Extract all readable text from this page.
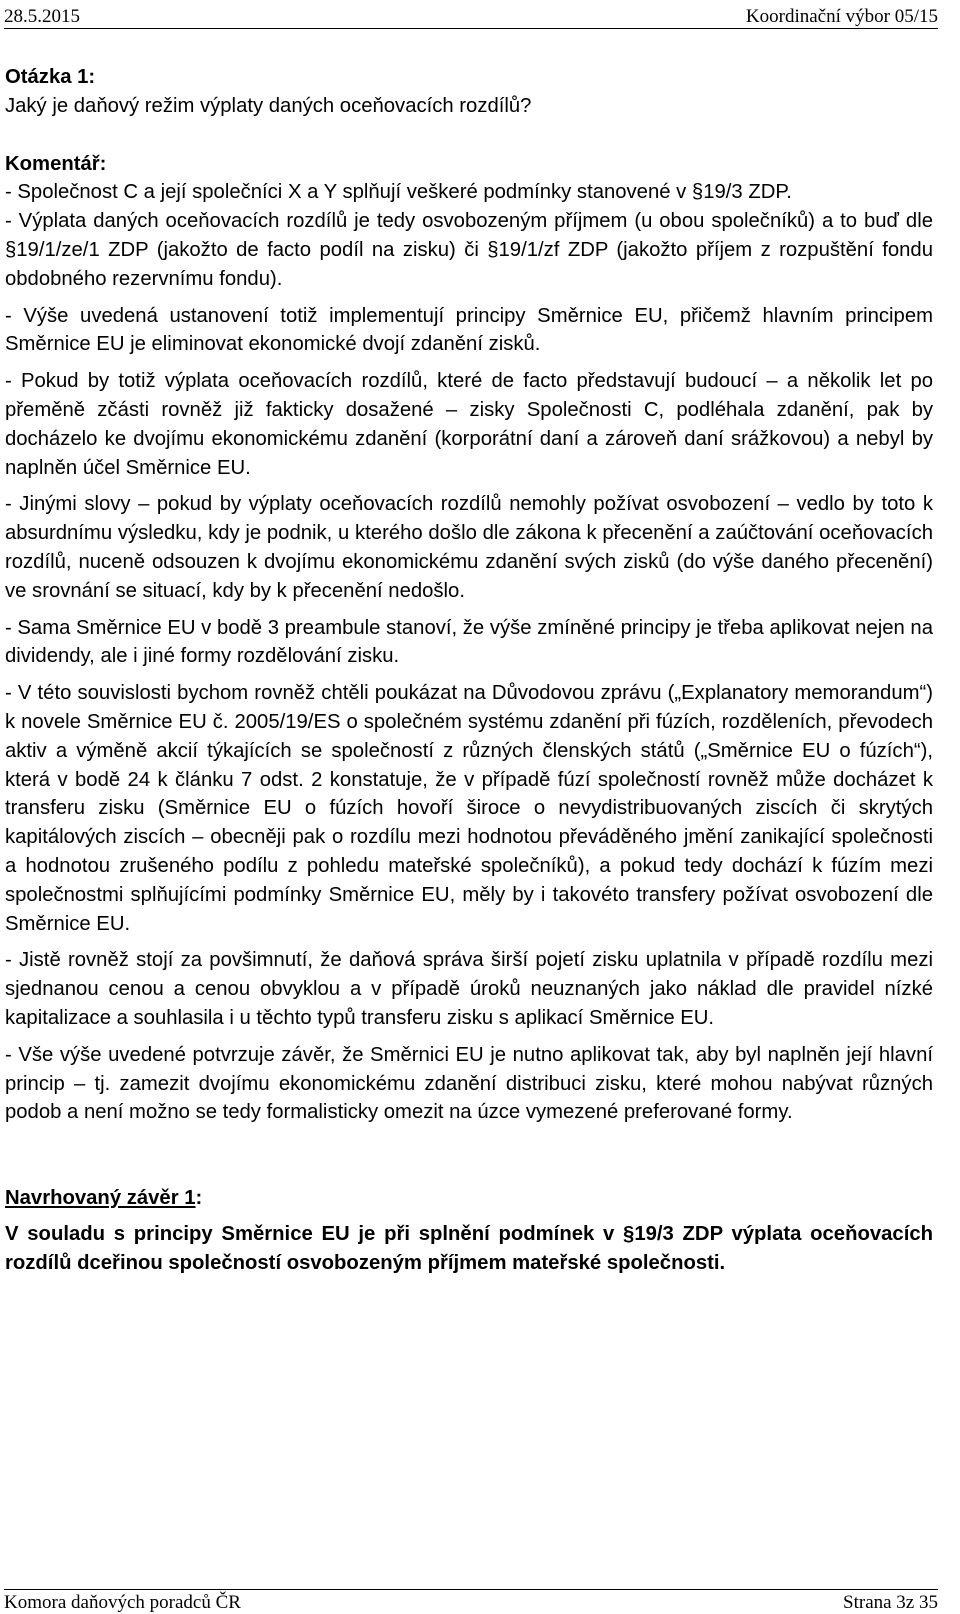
28.5.2015	Koordinační výbor 05/15

Otázka 1:

Jaký je daňový režim výplaty daných oceňovacích rozdílů?

Komentář:

- Společnost C a její společníci X a Y splňují veškeré podmínky stanovené v §19/3 ZDP.

- Výplata daných oceňovacích rozdílů je tedy osvobozeným příjmem (u obou společníků) a to buď dle §19/1/ze/1 ZDP (jakožto de facto podíl na zisku) či §19/1/zf ZDP (jakožto příjem z rozpuštění fondu obdobného rezervnímu fondu).

- Výše uvedená ustanovení totiž implementují principy Směrnice EU, přičemž hlavním principem Směrnice EU je eliminovat ekonomické dvojí zdanění zisků.

- Pokud by totiž výplata oceňovacích rozdílů, které de facto představují budoucí – a několik let po přeměně zčásti rovněž již fakticky dosažené – zisky Společnosti C, podléhala zdanění, pak by docházelo ke dvojímu ekonomickému zdanění (korporátní daní a zároveň daní srážkovou) a nebyl by naplněn účel Směrnice EU.

- Jinými slovy – pokud by výplaty oceňovacích rozdílů nemohly požívat osvobození – vedlo by toto k absurdnímu výsledku, kdy je podnik, u kterého došlo dle zákona k přecenění a zaúčtování oceňovacích rozdílů, nuceně odsouzen k dvojímu ekonomickému zdanění svých zisků (do výše daného přecenění) ve srovnání se situací, kdy by k přecenění nedošlo.

- Sama Směrnice EU v bodě 3 preambule stanoví, že výše zmíněné principy je třeba aplikovat nejen na dividendy, ale i jiné formy rozdělování zisku.

- V této souvislosti bychom rovněž chtěli poukázat na Důvodovou zprávu („Explanatory memorandum“) k novele Směrnice EU č. 2005/19/ES o společném systému zdanění při fúzích, rozděleních, převodech aktiv a výměně akcií týkajících se společností z různých členských států („Směrnice EU o fúzích“), která v bodě 24 k článku 7 odst. 2 konstatuje, že v případě fúzí společností rovněž může docházet k transferu zisku (Směrnice EU o fúzích hovoří široce o nevydistribuovaných ziscích či skrytých kapitálových ziscích – obecněji pak o rozdílu mezi hodnotou převáděného jmění zanikající společnosti a hodnotou zrušeného podílu z pohledu mateřské společníků), a pokud tedy dochází k fúzím mezi společnostmi splňujícími podmínky Směrnice EU, měly by i takovéto transfery požívat osvobození dle Směrnice EU.

- Jistě rovněž stojí za povšimnutí, že daňová správa širší pojetí zisku uplatnila v případě rozdílu mezi sjednanou cenou a cenou obvyklou a v případě úroků neuznaných jako náklad dle pravidel nízké kapitalizace a souhlasila i u těchto typů transferu zisku s aplikací Směrnice EU.

- Vše výše uvedené potvrzuje závěr, že Směrnici EU je nutno aplikovat tak, aby byl naplněn její hlavní princip – tj. zamezit dvojímu ekonomickému zdanění distribuci zisku, které mohou nabývat různých podob a není možno se tedy formalisticky omezit na úzce vymezené preferované formy.

Navrhovaný závěr 1:

V souladu s principy Směrnice EU je při splnění podmínek v §19/3 ZDP výplata oceňovacích rozdílů dceřinou společností osvobozeným příjmem mateřské společnosti.

Komora daňových poradců ČR	Strana 3z 35
